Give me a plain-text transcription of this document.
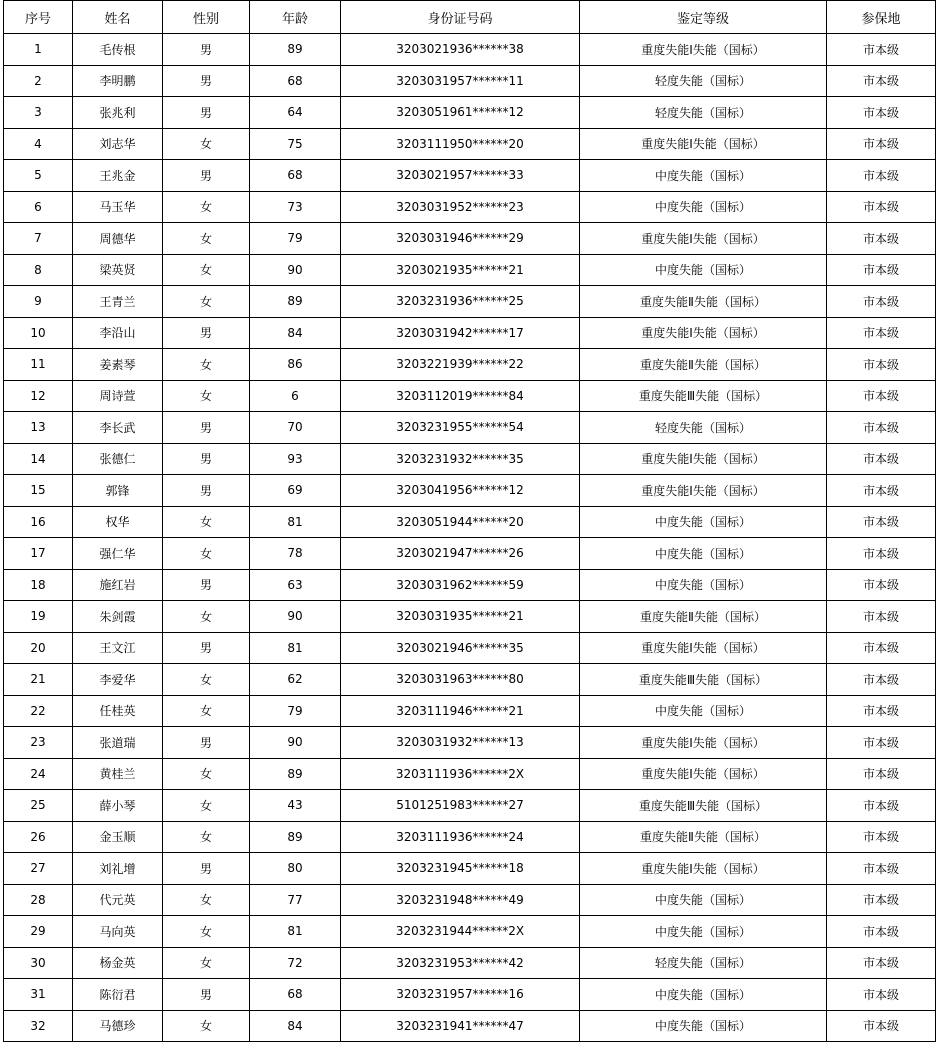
序号	姓名	性别	年龄	身份证号码	鉴定等级	参保地
1	毛传根	男	89	3203021936******38	重度失能Ⅰ失能（国标）	市本级
2	李明鹏	男	68	3203031957******11	轻度失能（国标）	市本级
3	张兆利	男	64	3203051961******12	轻度失能（国标）	市本级
4	刘志华	女	75	3203111950******20	重度失能Ⅰ失能（国标）	市本级
5	王兆金	男	68	3203021957******33	中度失能（国标）	市本级
6	马玉华	女	73	3203031952******23	中度失能（国标）	市本级
7	周德华	女	79	3203031946******29	重度失能Ⅰ失能（国标）	市本级
8	梁英贤	女	90	3203021935******21	中度失能（国标）	市本级
9	王青兰	女	89	3203231936******25	重度失能Ⅱ失能（国标）	市本级
10	李沿山	男	84	3203031942******17	重度失能Ⅰ失能（国标）	市本级
11	姜素琴	女	86	3203221939******22	重度失能Ⅱ失能（国标）	市本级
12	周诗萱	女	6	3203112019******84	重度失能Ⅲ失能（国标）	市本级
13	李长武	男	70	3203231955******54	轻度失能（国标）	市本级
14	张德仁	男	93	3203231932******35	重度失能Ⅰ失能（国标）	市本级
15	郭锋	男	69	3203041956******12	重度失能Ⅰ失能（国标）	市本级
16	权华	女	81	3203051944******20	中度失能（国标）	市本级
17	强仁华	女	78	3203021947******26	中度失能（国标）	市本级
18	施红岩	男	63	3203031962******59	中度失能（国标）	市本级
19	朱剑霞	女	90	3203031935******21	重度失能Ⅱ失能（国标）	市本级
20	王文江	男	81	3203021946******35	重度失能Ⅰ失能（国标）	市本级
21	李爱华	女	62	3203031963******80	重度失能Ⅲ失能（国标）	市本级
22	任桂英	女	79	3203111946******21	中度失能（国标）	市本级
23	张道瑞	男	90	3203031932******13	重度失能Ⅰ失能（国标）	市本级
24	黄桂兰	女	89	3203111936******2X	重度失能Ⅰ失能（国标）	市本级
25	薛小琴	女	43	5101251983******27	重度失能Ⅲ失能（国标）	市本级
26	金玉顺	女	89	3203111936******24	重度失能Ⅱ失能（国标）	市本级
27	刘礼增	男	80	3203231945******18	重度失能Ⅰ失能（国标）	市本级
28	代元英	女	77	3203231948******49	中度失能（国标）	市本级
29	马向英	女	81	3203231944******2X	中度失能（国标）	市本级
30	杨金英	女	72	3203231953******42	轻度失能（国标）	市本级
31	陈衍君	男	68	3203231957******16	中度失能（国标）	市本级
32	马德珍	女	84	3203231941******47	中度失能（国标）	市本级
